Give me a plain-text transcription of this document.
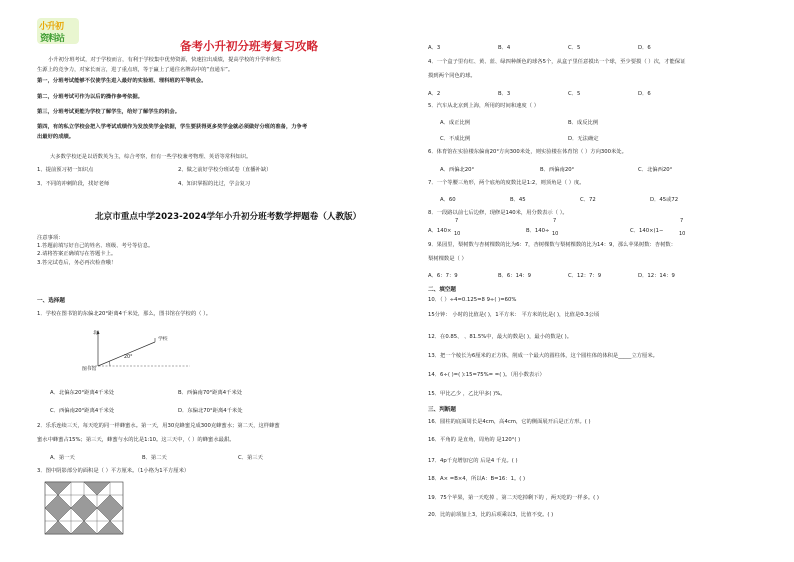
小升初
资料站	备考小升初分班考复习攻略
小升初分班考试，对于学校而言，有利于学校集中优势资源，快速拉出成绩，提高学校的升学率和生
生源上的竞争力，对家长而言，进了重点班，等于赢上了通往名牌高中的“直通车”。
第一，分班考试能够不仅使学生进入最好的实验班、理科班的平等机会。
第二，分班考试可作为以后的操作参考依据。
第三，分班考试更能为学校了解学生，给好了解学生的机会。
第四，有的私立学校会把入学考试成绩作为发放奖学金依据，学生要获得更多奖学金就必须做好分班的准备，力争考
出最好的成绩。
大多数学校还是以语数英为主，综合考察，但有一些学校兼考物理、英语等常科知识。
1、提前预习初一知识点	2、做之前好学校分班试卷（直播补缺）
3、不同的冲刺阶段，找好老师	4、知识掌握的比过，学会复习
北京市重点中学2023-2024学年小升初分班考数学押题卷（人教版）
注意事项：
1.答题前填写好自己的姓名、班级、考号等信息。
2.请将答案正确填写在答题卡上。
3.答完试卷后，务必再次检查哦！
一、选择题
1．学校在图书馆的东偏北20°距离4千米处，那么，图书馆在学校的（ ）。
北
学校
20°
图书馆
A．北偏东20°距离4千米处	B．西偏南70°距离4千米处
C．西偏南20°距离4千米处	D．东偏北70°距离4千米处
2．乐乐连续三天，每天吃的同一样蜂蜜水。第一天，用30克蜂蜜兑成300克蜂蜜水；第二天，这样蜂蜜
蜜水中蜂蜜占15%；第三天，蜂蜜与水的比是1:10。这三天中，（ ）的蜂蜜水最甜。
A．第一天	B．第二天	C．第三天
3．图中阴影部分的面积是（ ）平方厘米。（1小格为1平方厘米）
A．3	B．4	C．5	D．6
4．一个盒子里有红、黄、蓝、绿四种颜色的球各5个，从盒子里任意摸出一个球，至少要摸（ ）次，才能保证
摸到两个同色的球。
A．2	B．3	C．5	D．6
5．汽车从北京到上海，所用的时间和速度（ ）
A．成正比例	B．成反比例
C．不成比例	D．无法确定
6．体育馆在实验楼东偏南20°方向300米处，则实验楼在体育馆（ ）方向300米处。
A．西偏北20°	B．西偏南20°	C．北偏西20°
7．一个等腰三角形，两个底角的度数比是1:2，则顶角是（ ）度。
A．60	B．45	C．72	D．45或72
8．一段路以前七后边修，现修是140米，用分数表示（ ）。
A．140×	B．140÷	C．140×(1−
7
10
7
10
7
10
9．果园里，梨树数与杏树棵数的比为6：7，杏树棵数与梨树棵数的比为14：9，那么苹果树数：杏树数：
梨树棵数是（ ）
A．6：7：9	B．6：14：9	C．12：7：9	D．12：14：9
二、填空题
10．（ ）÷4=0.125=8 9÷( )=60%
15分钟： 小时的比值是( )，1平方米： 平方米的比是( )，比值是0.3公顷
12．在0.85、 、81.5%中，最大的数是( )，最小的数是( )。
13．把一个棱长为6厘米的正方体，削成一个最大的圆柱体，这个圆柱体的体积是_____立方厘米。
14．6÷( )=( ):15=75%= =( )。（用小数表示）
15．甲比乙少 ，乙比甲多( )%。
三、判断题
16．圆柱的底面周长是4cm，高4cm，它的侧面展开后是正方形。( )
16．平角的 是直角，周角的 是120°( )
17．4p千克增加它的 后是4 千克。( )
18．A× =B×4，所以A：B=16：1。( )
19．75个苹果，第一天吃掉 ，第二天吃掉剩下的 ，两天吃的一样多。( )
20．比的前项加上3，比的后项乘以3，比值不变。( )
